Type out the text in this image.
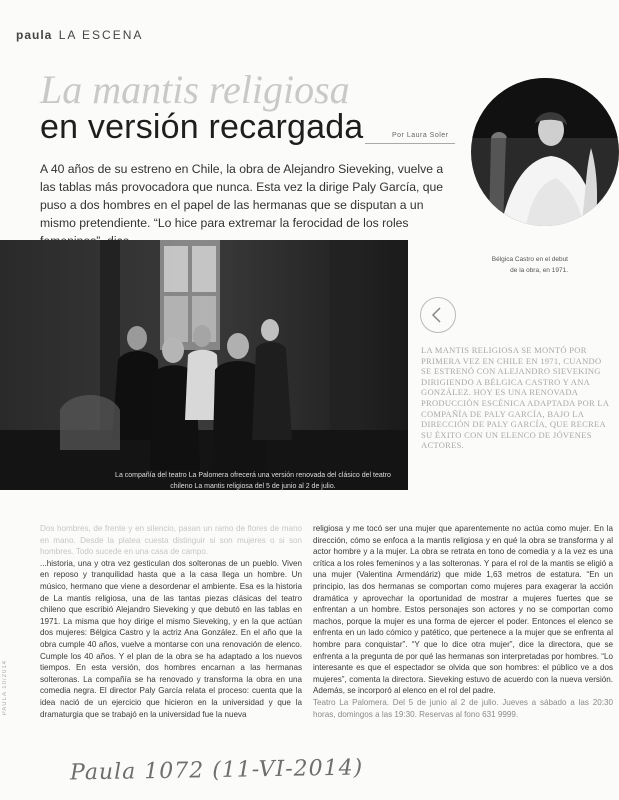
paula LA ESCENA
La mantis religiosa
en versión recargada	Por Laura Soler
A 40 años de su estreno en Chile, la obra de Alejandro Sieveking, vuelve a las tablas más provocadora que nunca. Esta vez la dirige Paly García, que puso a dos hombres en el papel de las hermanas que se disputan a un mismo pretendiente. “Lo hice para extremar la ferocidad de los roles
Bélgica Castro en el debut de la obra, en 1971.
La compañía del teatro La Palomera ofrecerá una versión renovada del clásico del teatro chileno La mantis religiosa del 5 de junio al 2 de julio.
LA MANTIS RELIGIOSA SE MONTÓ POR PRIMERA VEZ EN CHILE EN 1971, CUANDO SE ESTRENÓ CON ALEJANDRO SIEVEKING DIRIGIENDO A BÉLGICA CASTRO Y ANA GONZÁLEZ. HOY ES UNA RENOVADA PRODUCCIÓN ESCÉNICA ADAPTADA POR LA COMPAÑÍA DE PALY GARCÍA, BAJO LA DIRECCIÓN DE PALY GARCÍA, QUE RECREA SU ÉXITO CON UN ELENCO DE JÓVENES ACTORES.
PAULA 10/2014

Dos hombres, de frente y en silencio, pasan un ramo de flores de mano en mano. Desde la platea cuesta distinguir si son mujeres o si son hombres. Todo sucede en una casa de campo.

...historia, una y otra vez gesticulan dos solteronas de un pueblo. Viven en reposo y tranquilidad hasta que a la casa llega un hombre. Un músico, hermano que viene a desordenar el ambiente. Esa es la historia de La mantis religiosa, una de las tantas piezas clásicas del teatro chileno que escribió Alejandro Sieveking y que debutó en las tablas en 1971. La misma que hoy dirige el mismo Sieveking, y en la que actúan dos mujeres: Bélgica Castro y la actriz Ana González. En el año que la obra cumple 40 años, vuelve a montarse con una renovación de elenco. Cumple los 40 años. Y el plan de la obra se ha adaptado a los nuevos tiempos. En esta versión, dos hombres encarnan a las hermanas solteronas. La compañía se ha renovado y transforma la obra en una comedia negra. El director Paly García relata el proceso: cuenta que la idea nació de un ejercicio que hicieron en la universidad y que la dramaturgia que se trabajó en la universidad fue la nueva

religiosa y me tocó ser una mujer que aparentemente no actúa como mujer. En la dirección, cómo se enfoca a la mantis religiosa y en qué la obra se transforma y al actor hombre y a la mujer. La obra se retrata en tono de comedia y a la vez es una crítica a los roles femeninos y a las solteronas. Y para el rol de la mantis se eligió a una mujer (Valentina Armendáriz) que mide 1,63 metros de estatura. “En un principio, las dos hermanas se comportan como mujeres para exagerar la acción dramática y aprovechar la oportunidad de mostrar a mujeres fuertes que se enfrentan a un hombre. Estos personajes son actores y no se comportan como machos, porque la mujer es una forma de ejercer el poder. Entonces el elenco se enfrenta en un lado cómico y patético, que pertenece a la mujer que se enfrenta al hombre para conquistar”. “Y que lo dice otra mujer”, dice la directora, que se enfrenta a la pregunta de por qué las hermanas son interpretadas por hombres. “Lo interesante es que el espectador se olvida que son hombres: el público ve a dos mujeres”, comenta la directora. Sieveking estuvo de acuerdo con la nueva versión. Además, se incorporó al elenco en el rol del padre.

Teatro La Palomera. Del 5 de junio al 2 de julio. Jueves a sábado a las 20:30 horas, domingos a las 19:30. Reservas al fono 631 9999.

Paula 1072 (11-VI-2014)
